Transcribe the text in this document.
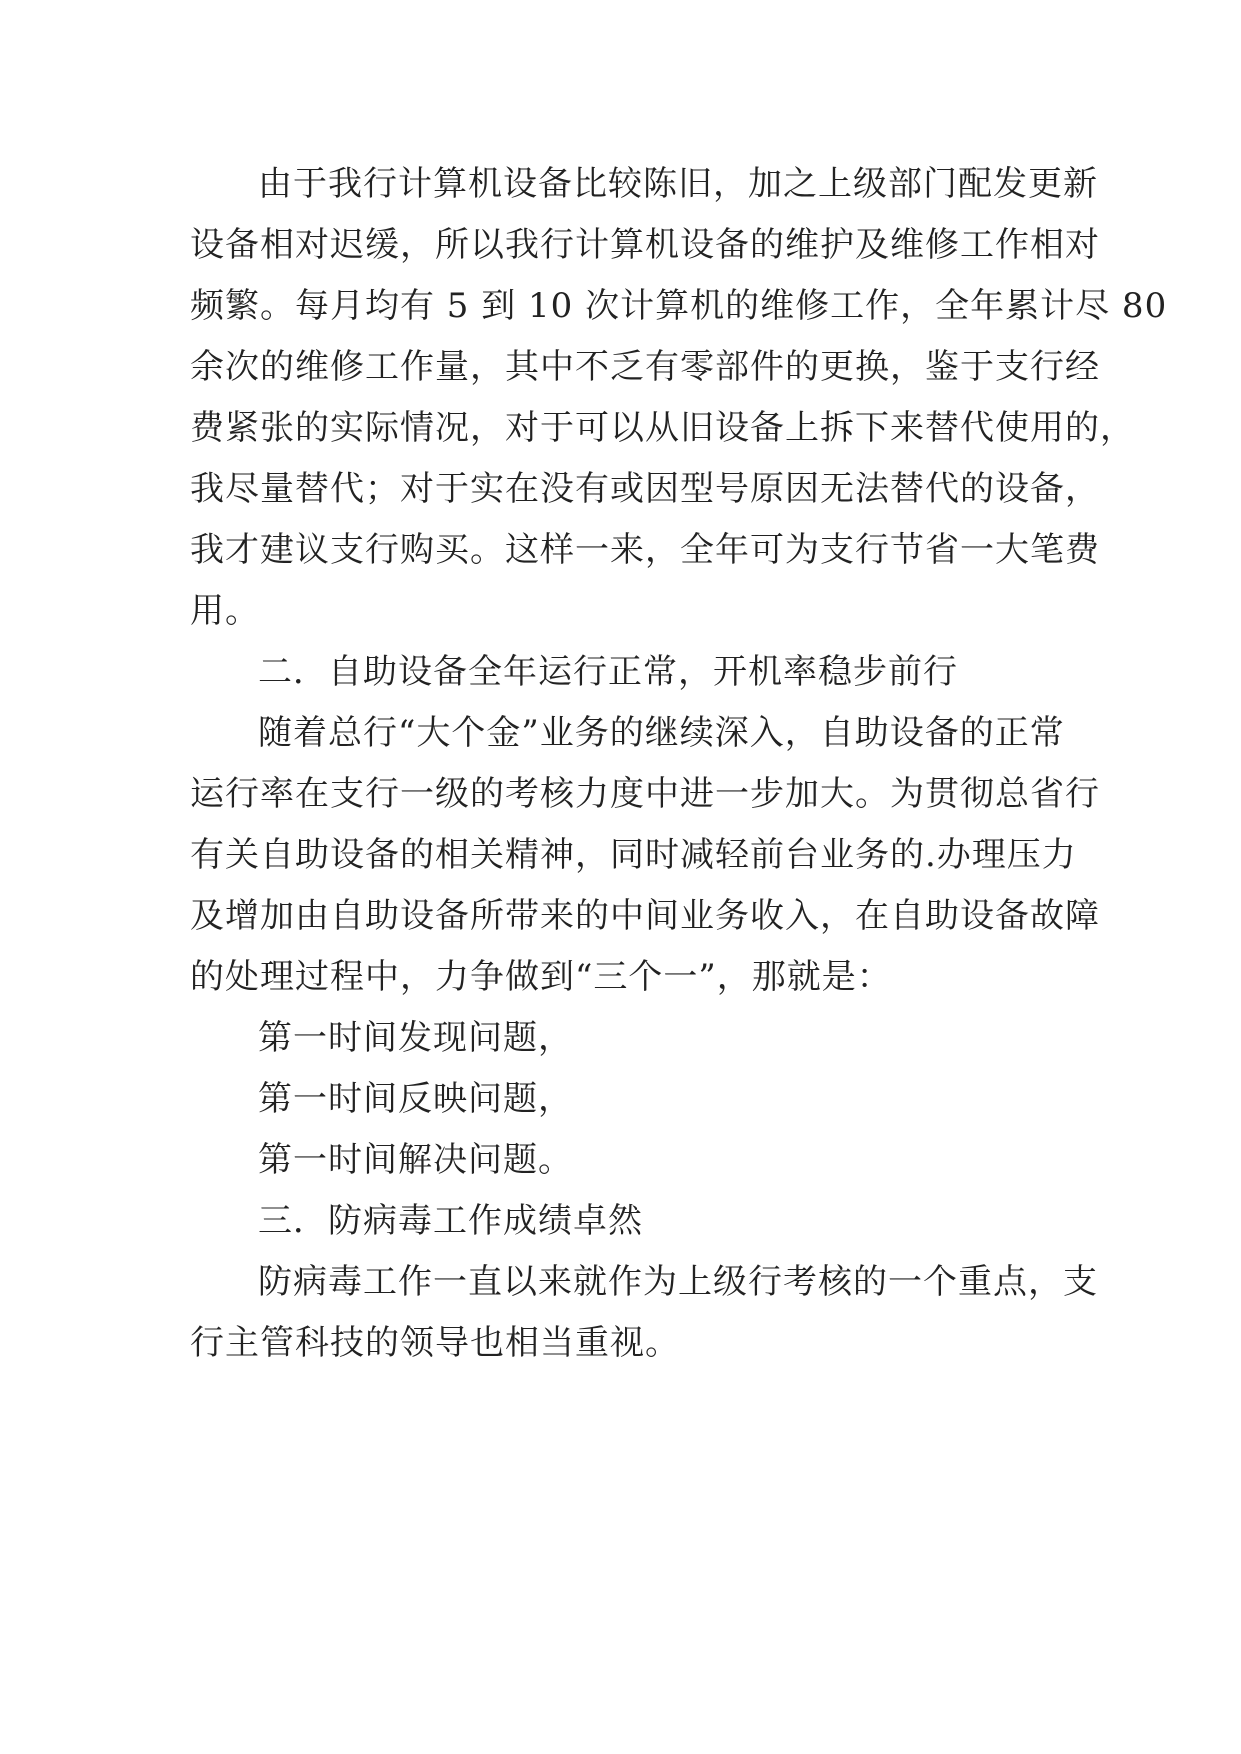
由于我行计算机设备比较陈旧，加之上级部门配发更新
设备相对迟缓，所以我行计算机设备的维护及维修工作相对
频繁。每月均有 5 到 10 次计算机的维修工作，全年累计尽 80
余次的维修工作量，其中不乏有零部件的更换，鉴于支行经
费紧张的实际情况，对于可以从旧设备上拆下来替代使用的，
我尽量替代；对于实在没有或因型号原因无法替代的设备，
我才建议支行购买。这样一来，全年可为支行节省一大笔费
用。
二．自助设备全年运行正常，开机率稳步前行
随着总行“大个金”业务的继续深入，自助设备的正常
运行率在支行一级的考核力度中进一步加大。为贯彻总省行
有关自助设备的相关精神，同时减轻前台业务的.办理压力
及增加由自助设备所带来的中间业务收入，在自助设备故障
的处理过程中，力争做到“三个一”，那就是：
第一时间发现问题，
第一时间反映问题，
第一时间解决问题。
三．防病毒工作成绩卓然
防病毒工作一直以来就作为上级行考核的一个重点，支
行主管科技的领导也相当重视。
